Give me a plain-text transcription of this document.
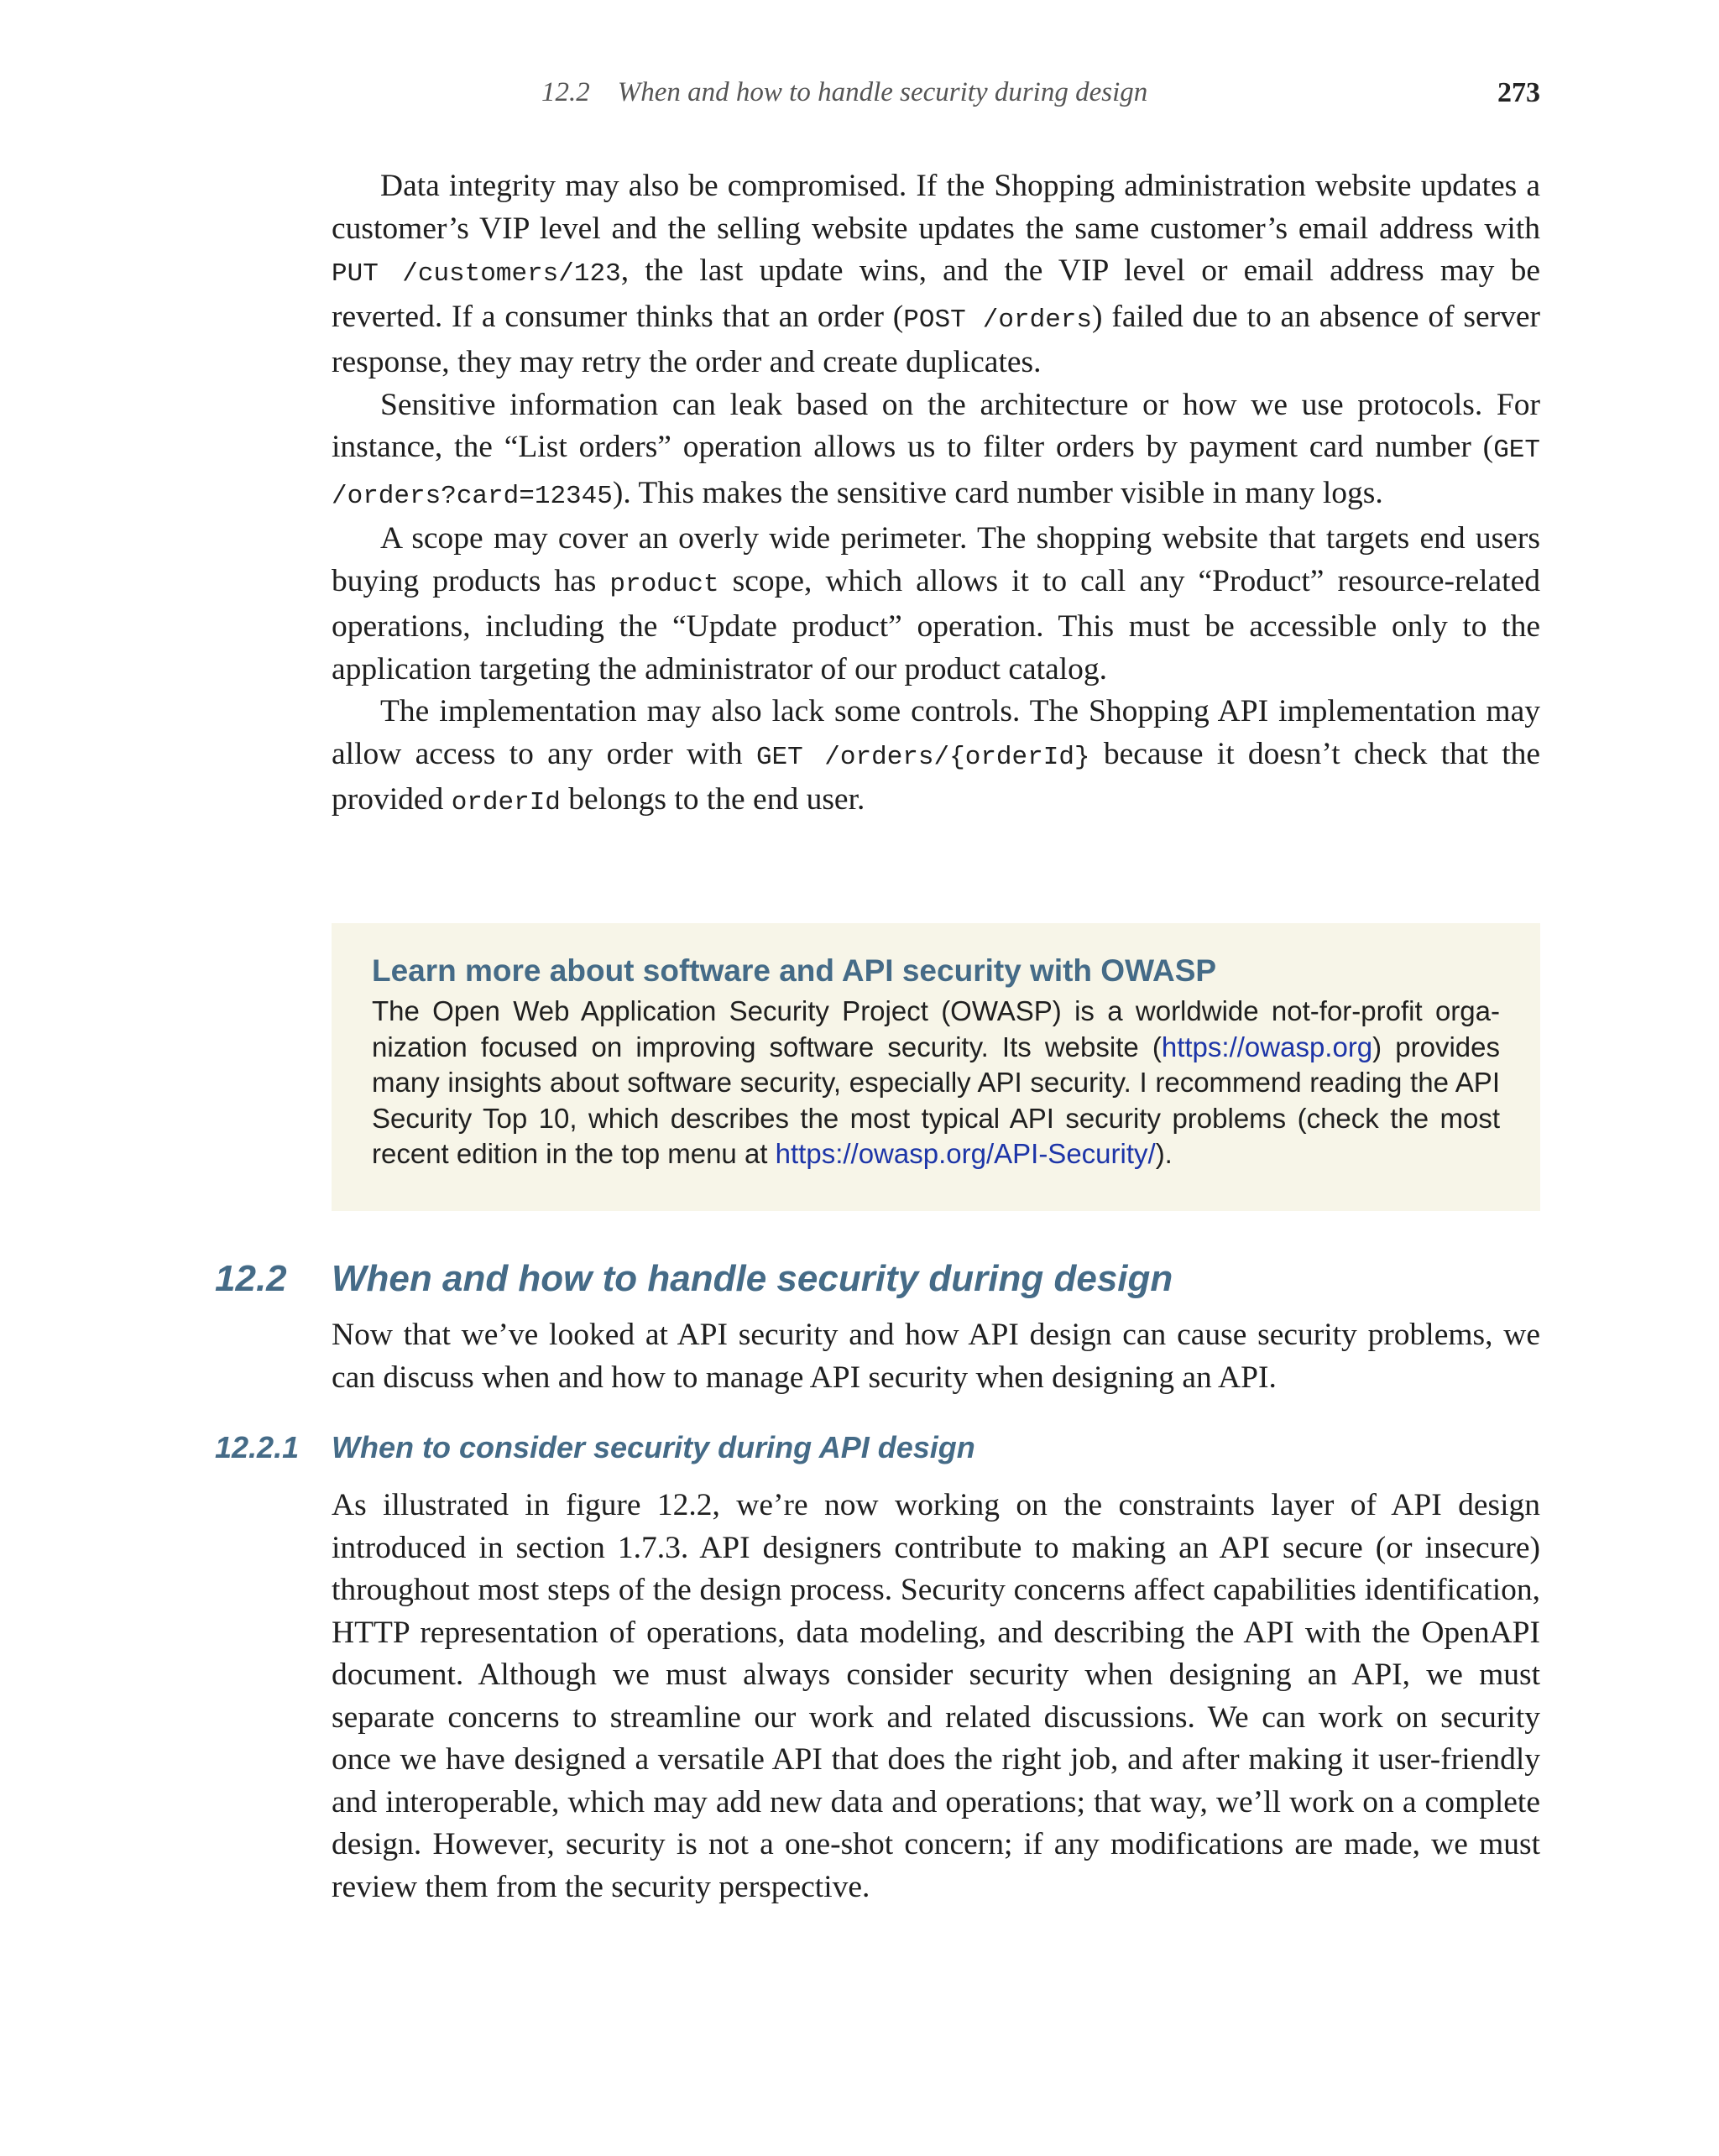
12.2    When and how to handle security during design	273

Data integrity may also be compromised. If the Shopping administration website updates a customer’s VIP level and the selling website updates the same customer’s email address with PUT /customers/123, the last update wins, and the VIP level or email address may be reverted. If a consumer thinks that an order (POST /orders) failed due to an absence of server response, they may retry the order and create duplicates.

Sensitive information can leak based on the architecture or how we use protocols. For instance, the “List orders” operation allows us to filter orders by payment card number (GET /orders?card=12345). This makes the sensitive card number visible in many logs.

A scope may cover an overly wide perimeter. The shopping website that targets end users buying products has product scope, which allows it to call any “Product” resource-related operations, including the “Update product” operation. This must be accessible only to the application targeting the administrator of our product catalog.

The implementation may also lack some controls. The Shopping API implementation may allow access to any order with GET /orders/{orderId} because it doesn’t check that the provided orderId belongs to the end user.

Learn more about software and API security with OWASP

The Open Web Application Security Project (OWASP) is a worldwide not-for-profit organization focused on improving software security. Its website (https://owasp.org) provides many insights about software security, especially API security. I recommend reading the API Security Top 10, which describes the most typical API security problems (check the most recent edition in the top menu at https://owasp.org/API-Security/).

12.2 When and how to handle security during design

Now that we’ve looked at API security and how API design can cause security problems, we can discuss when and how to manage API security when designing an API.

12.2.1 When to consider security during API design

As illustrated in figure 12.2, we’re now working on the constraints layer of API design introduced in section 1.7.3. API designers contribute to making an API secure (or insecure) throughout most steps of the design process. Security concerns affect capabilities identification, HTTP representation of operations, data modeling, and describing the API with the OpenAPI document. Although we must always consider security when designing an API, we must separate concerns to streamline our work and related discussions. We can work on security once we have designed a versatile API that does the right job, and after making it user-friendly and interoperable, which may add new data and operations; that way, we’ll work on a complete design. However, security is not a one-shot concern; if any modifications are made, we must review them from the security perspective.
